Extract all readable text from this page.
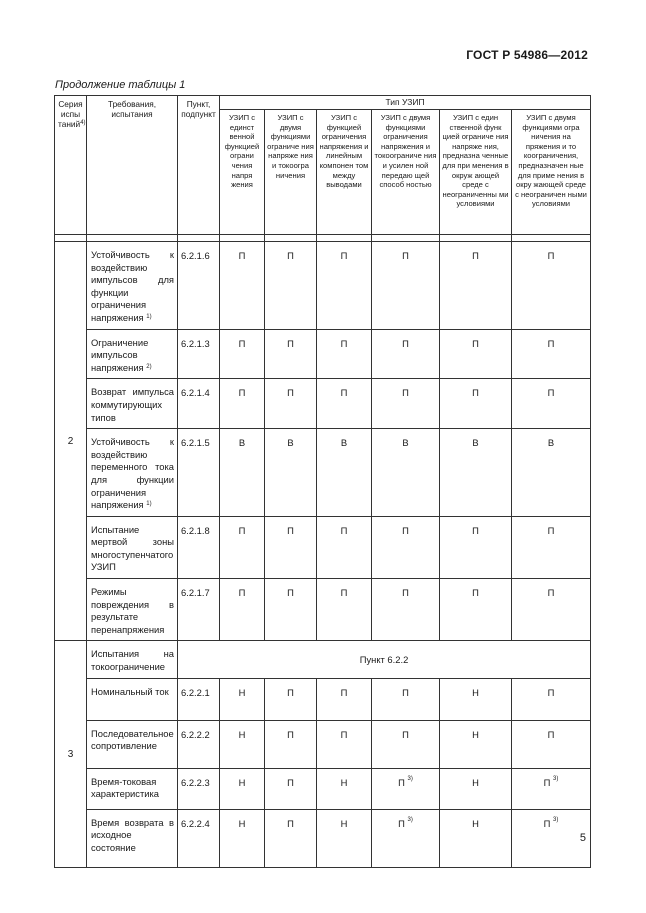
ГОСТ Р 54986—2012
Продолжение таблицы 1
Серия испы таний$^{4)}$	Требования, испытания	Пункт, подпункт	Тип УЗИП					
			УЗИП с единст венной функцией ограни чения напря жения	УЗИП с двумя функциями ограниче ния напряже ния и токоогра ничения	УЗИП с функцией ограничения напряжения и линейным компонен том между выводами	УЗИП с двумя функциями ограничения напряжения и токоограниче ния и усилен ной передаю щей способ ностью	УЗИП с един ственной функ цией ограниче ния напряже ния, предназна ченные для при менения в окруж ающей среде с неограниченны ми условиями	УЗИП с двумя функциями огра ничения на пряжения и то коограничения, предназначен ные для приме нения в окру жающей среде с неограничен ными условиями

2	Устойчивость к воздействию импульсов для функции ограничения напряжения $^{1)}$	6.2.1.6	П	П	П	П	П	П
	Ограничение импульсов напряжения $^{2)}$	6.2.1.3	П	П	П	П	П	П
	Возврат импульса коммутирующих типов	6.2.1.4	П	П	П	П	П	П
	Устойчивость к воздействию переменного тока для функции ограничения напряжения $^{1)}$	6.2.1.5	В	В	В	В	В	В
	Испытание мертвой зоны многоступенчатого УЗИП	6.2.1.8	П	П	П	П	П	П
	Режимы повреждения в результате перенапряжения	6.2.1.7	П	П	П	П	П	П
3	Испытания на токоограничение	Пункт 6.2.2						
	Номинальный ток	6.2.2.1	Н	П	П	П	Н	П
	Последовательное сопротивление	6.2.2.2	Н	П	П	П	Н	П
	Время-токовая характеристика	6.2.2.3	Н	П	Н	П $^{3)}$	Н	П $^{3)}$
	Время возврата в исходное состояние	6.2.2.4	Н	П	Н	П $^{3)}$	Н	П $^{3)}$
5
